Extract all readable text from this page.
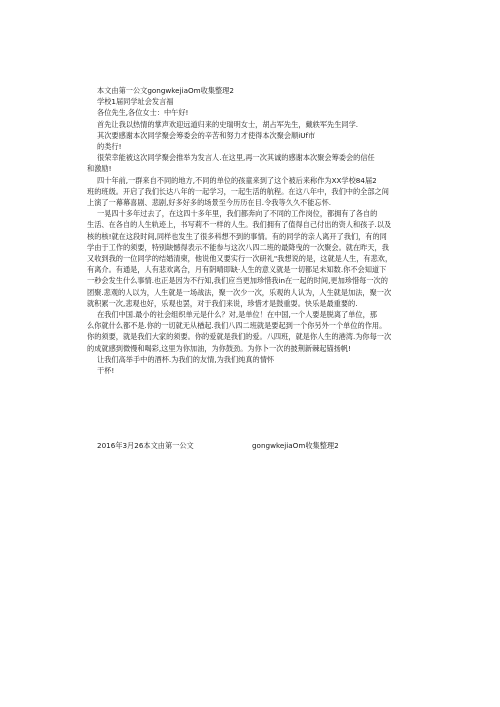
本文由第一公文gongwkejiaOm收集整理2

学校1届同学址会发言福

各位先生,各位女士：中午好!

首先让我以热情的掌声欢迎远道归来的史瑞明女士，胡占军先生，戴轶军先生同学.

其次要感谢本次同学聚会筹委会的辛苦和努力才使得本次聚会顺iUf市

的类行!

很荣幸能被这次同学聚会推举为发言人.在这里,再一次其诚的感谢本次聚会筹委会的信任

和激励!

四十年前,一群来自不同的地方,不同的单位的孩童来到了这个被后来称作为XX学校84届2

班的班级。开启了我们长达八年的一起学习，一起生活的航程。在这八年中，我们中的全部之间

上演了一幕幕喜剧、悲剧,好多好多的场景至今历历在目.令我等久久不能忘怀.

一晃四十多年过去了，在这四十多年里，我们都奔向了不同的工作岗位，都拥有了各自的

生活、在各自的人生轨迹上，书写莉不一样的人生。我们拥有了值得自己付出的资人和孩子.以及

核的核!就在这段时间,同样也发生了很多科想不到的事情。有的同学的亲人离开了我们，有的同

学由于工作的须要，特别缺憾得表示不能参与这次八四二班的最降曳的一次聚会。就在昨天，我

又收到我的一位同学的结婚清柬，他说他又要实行一次研礼"我想说的是，这就是人生，有悲欢，

有离介。有通是，人有悲欢离合，月有阴晴即缺·人生的意义就是一切都足未知数.你不会知道下

一秒会发生什么事情.也正是因为不行知,我们应当更加珍惜我in在一起的时间,更加珍惜每一次的

团聚.悲观的人以为，人生就是一场战法，聚一次少一次，乐观的人认为，人生就是加法，聚一次

就积累一次,悲观也好，乐观也罢，对于我们来说，珍惜才是鼓重耍。快乐是最重要的.

在我们中国.最小的社会组织单元是什么？对,是单位！在中国,一个人要是脱离了单位，那

么你就什么都不是.你的一切就无从楢起.我们八四二班就是要起到一个你另外一个单位的作用。

你的须要，就是我们大家的须要。你的爱就是我们的爱。八四班，就是你人生的港湾.为你每一次

的成就感到微慢和喝彩,这里为你加油，为你鼓劲。为你卜一次的披荆新棘起锚扬帆!

让我们高举手中的酒杯.为我们的友情,为我们纯真的情怀

干杯!

2016年3月26本文由第一公文	gongwkejiaOm收集整理2
